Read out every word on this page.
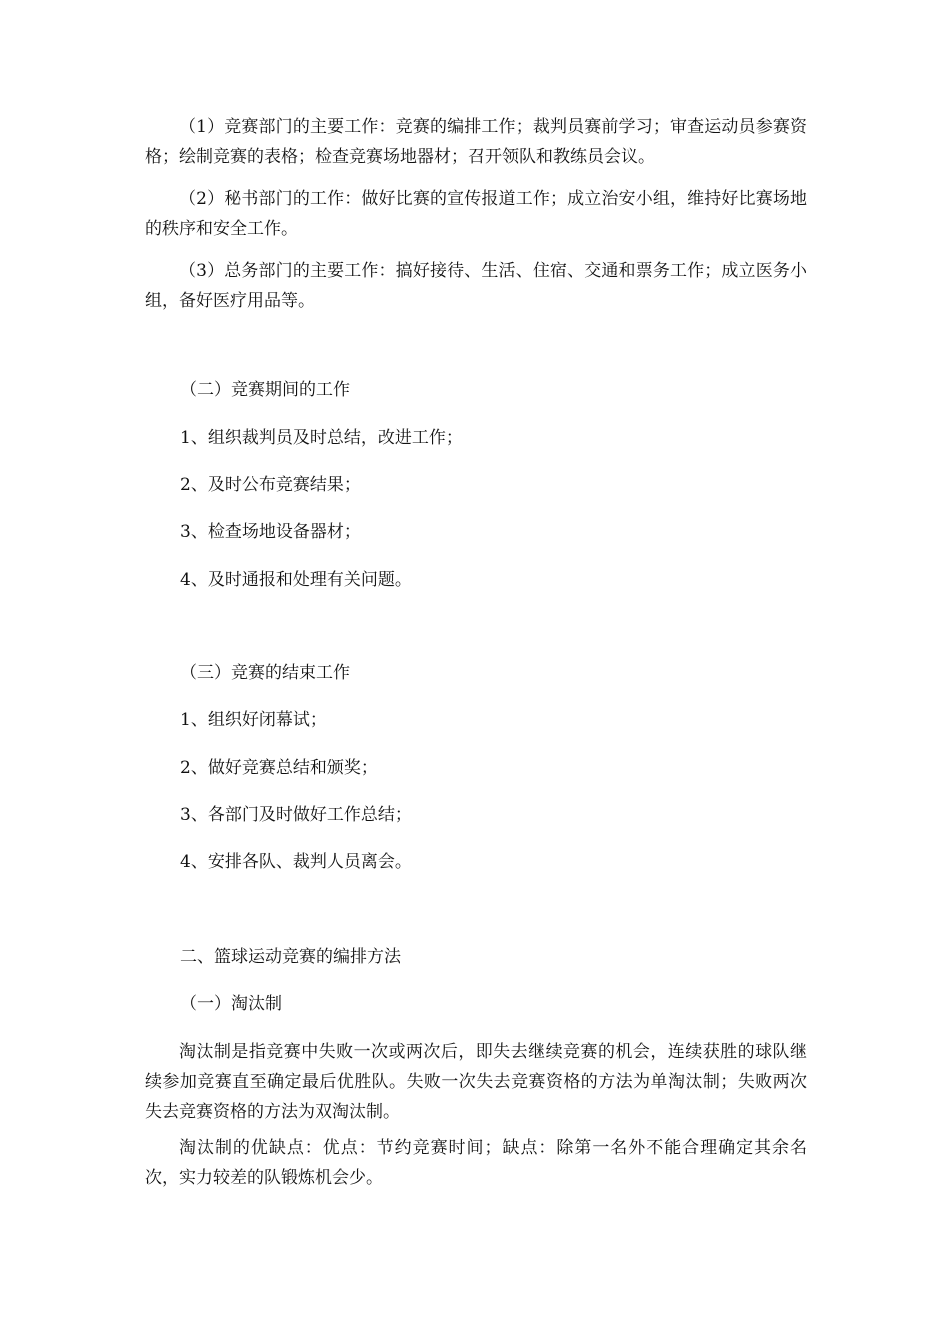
（1）竞赛部门的主要工作：竞赛的编排工作；裁判员赛前学习；审查运动员参赛资格；绘制竞赛的表格；检查竞赛场地器材；召开领队和教练员会议。

（2）秘书部门的工作：做好比赛的宣传报道工作；成立治安小组，维持好比赛场地的秩序和安全工作。

（3）总务部门的主要工作：搞好接待、生活、住宿、交通和票务工作；成立医务小组，备好医疗用品等。

（二）竞赛期间的工作

1、组织裁判员及时总结，改进工作；

2、及时公布竞赛结果；

3、检查场地设备器材；

4、及时通报和处理有关问题。

（三）竞赛的结束工作

1、组织好闭幕试；

2、做好竞赛总结和颁奖；

3、各部门及时做好工作总结；

4、安排各队、裁判人员离会。

二、篮球运动竞赛的编排方法

（一）淘汰制

淘汰制是指竞赛中失败一次或两次后，即失去继续竞赛的机会，连续获胜的球队继续参加竞赛直至确定最后优胜队。失败一次失去竞赛资格的方法为单淘汰制；失败两次失去竞赛资格的方法为双淘汰制。

淘汰制的优缺点：优点：节约竞赛时间；缺点：除第一名外不能合理确定其余名次，实力较差的队锻炼机会少。
